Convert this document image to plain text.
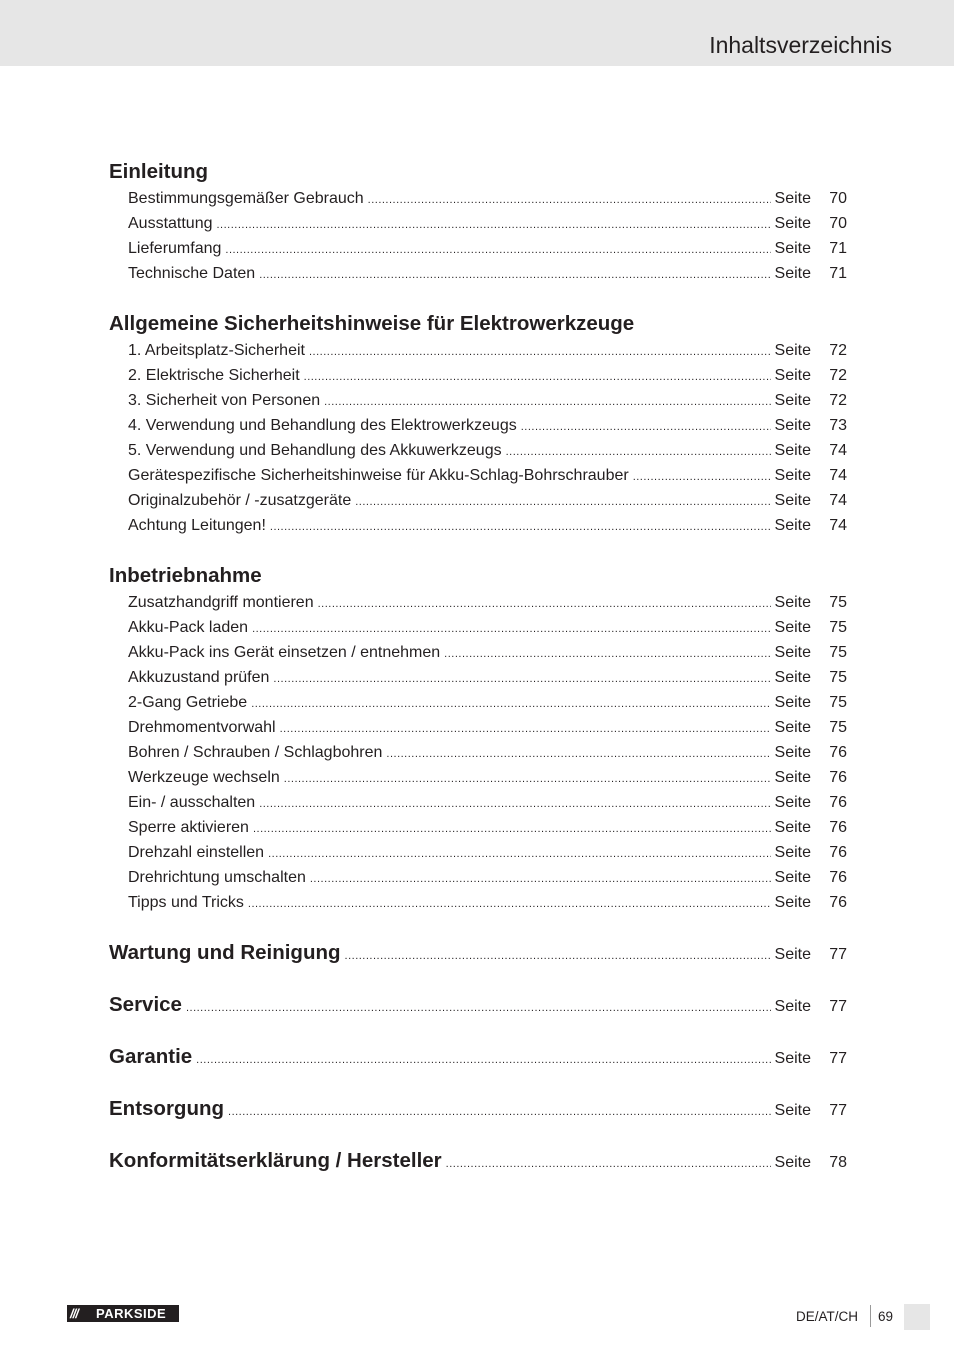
Inhaltsverzeichnis
Einleitung
Bestimmungsgemäßer Gebrauch .....	Seite	70
Ausstattung .....	Seite	70
Lieferumfang .....	Seite	71
Technische Daten .....	Seite	71
Allgemeine Sicherheitshinweise für Elektrowerkzeuge
1. Arbeitsplatz-Sicherheit .....	Seite	72
2. Elektrische Sicherheit .....	Seite	72
3. Sicherheit von Personen .....	Seite	72
4. Verwendung und Behandlung des Elektrowerkzeugs .....	Seite	73
5. Verwendung und Behandlung des Akkuwerkzeugs .....	Seite	74
Gerätespezifische Sicherheitshinweise für Akku-Schlag-Bohrschrauber .....	Seite	74
Originalzubehör / -zusatzgeräte .....	Seite	74
Achtung Leitungen! .....	Seite	74
Inbetriebnahme
Zusatzhandgriff montieren .....	Seite	75
Akku-Pack laden .....	Seite	75
Akku-Pack ins Gerät einsetzen / entnehmen .....	Seite	75
Akkuzustand prüfen .....	Seite	75
2-Gang Getriebe .....	Seite	75
Drehmomentvorwahl .....	Seite	75
Bohren / Schrauben / Schlagbohren .....	Seite	76
Werkzeuge wechseln .....	Seite	76
Ein- / ausschalten .....	Seite	76
Sperre aktivieren .....	Seite	76
Drehzahl einstellen .....	Seite	76
Drehrichtung umschalten .....	Seite	76
Tipps und Tricks .....	Seite	76
Wartung und Reinigung .....	Seite	77
Service .....	Seite	77
Garantie .....	Seite	77
Entsorgung .....	Seite	77
Konformitätserklärung / Hersteller .....	Seite	78
///	PARKSIDE	DE/AT/CH 69
